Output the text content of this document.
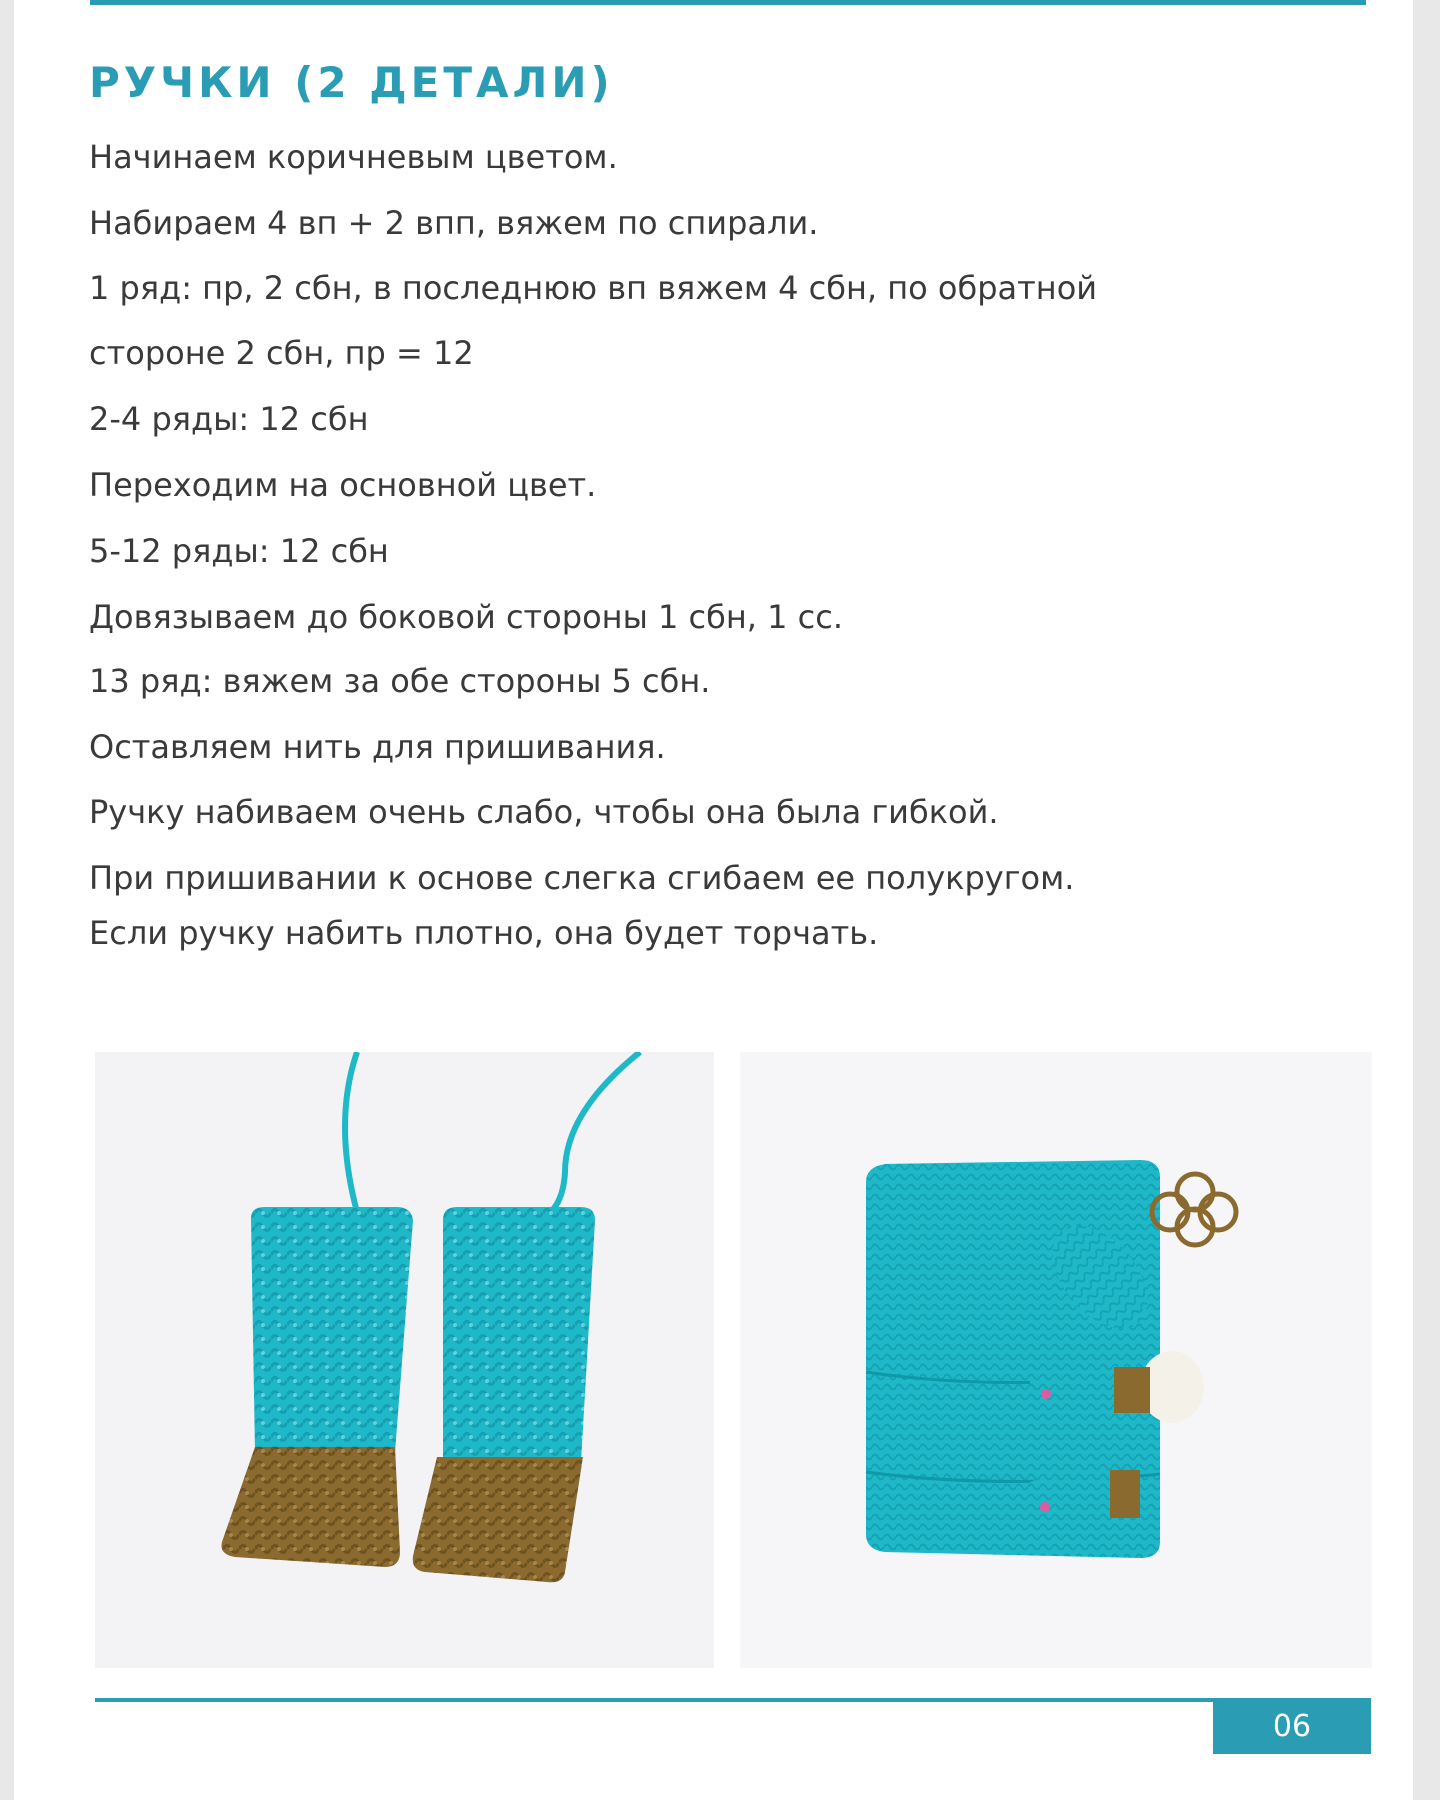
РУЧКИ (2 ДЕТАЛИ)
Начинаем коричневым цветом.
Набираем 4 вп + 2 впп, вяжем по спирали.
1 ряд: пр, 2 сбн, в последнюю вп вяжем 4 сбн, по обратной
стороне 2 сбн, пр = 12
2-4 ряды: 12 сбн
Переходим на основной цвет.
5-12 ряды: 12 сбн
Довязываем до боковой стороны 1 сбн, 1 сс.
13 ряд: вяжем за обе стороны 5 сбн.
Оставляем нить для пришивания.
Ручку набиваем очень слабо, чтобы она была гибкой.
При пришивании к основе слегка сгибаем ее полукругом.
Если ручку набить плотно, она будет торчать.
06
